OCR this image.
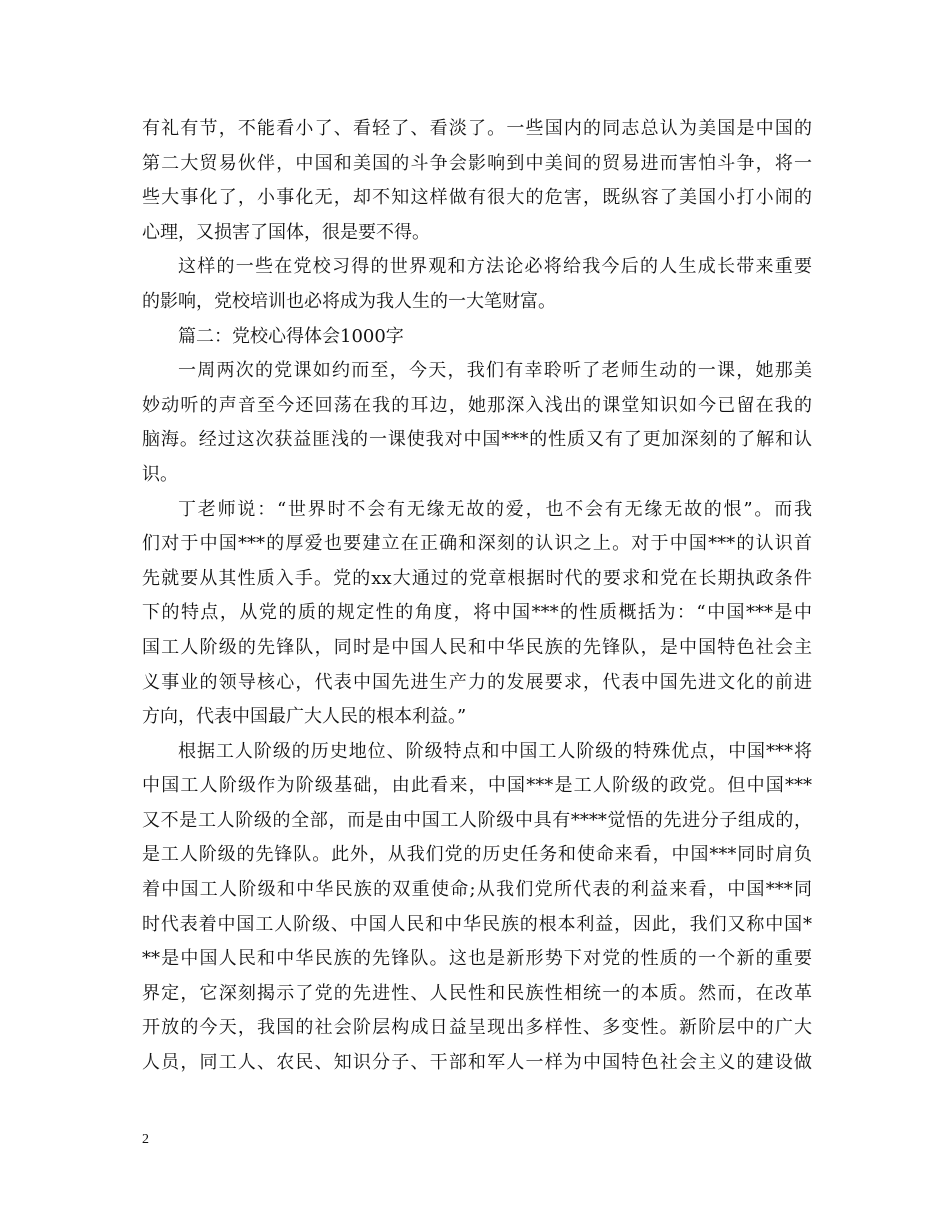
有礼有节，不能看小了、看轻了、看淡了。一些国内的同志总认为美国是中国的
第二大贸易伙伴，中国和美国的斗争会影响到中美间的贸易进而害怕斗争，将一
些大事化了，小事化无，却不知这样做有很大的危害，既纵容了美国小打小闹的
心理，又损害了国体，很是要不得。
这样的一些在党校习得的世界观和方法论必将给我今后的人生成长带来重要
的影响，党校培训也必将成为我人生的一大笔财富。
篇二：党校心得体会1000字
一周两次的党课如约而至，今天，我们有幸聆听了老师生动的一课，她那美
妙动听的声音至今还回荡在我的耳边，她那深入浅出的课堂知识如今已留在我的
脑海。经过这次获益匪浅的一课使我对中国***的性质又有了更加深刻的了解和认
识。
丁老师说：“世界时不会有无缘无故的爱，也不会有无缘无故的恨”。而我
们对于中国***的厚爱也要建立在正确和深刻的认识之上。对于中国***的认识首
先就要从其性质入手。党的xx大通过的党章根据时代的要求和党在长期执政条件
下的特点，从党的质的规定性的角度，将中国***的性质概括为：“中国***是中
国工人阶级的先锋队，同时是中国人民和中华民族的先锋队，是中国特色社会主
义事业的领导核心，代表中国先进生产力的发展要求，代表中国先进文化的前进
方向，代表中国最广大人民的根本利益。”
根据工人阶级的历史地位、阶级特点和中国工人阶级的特殊优点，中国***将
中国工人阶级作为阶级基础，由此看来，中国***是工人阶级的政党。但中国***
又不是工人阶级的全部，而是由中国工人阶级中具有****觉悟的先进分子组成的，
是工人阶级的先锋队。此外，从我们党的历史任务和使命来看，中国***同时肩负
着中国工人阶级和中华民族的双重使命;从我们党所代表的利益来看，中国***同
时代表着中国工人阶级、中国人民和中华民族的根本利益，因此，我们又称中国*
**是中国人民和中华民族的先锋队。这也是新形势下对党的性质的一个新的重要
界定，它深刻揭示了党的先进性、人民性和民族性相统一的本质。然而，在改革
开放的今天，我国的社会阶层构成日益呈现出多样性、多变性。新阶层中的广大
人员，同工人、农民、知识分子、干部和军人一样为中国特色社会主义的建设做
2
